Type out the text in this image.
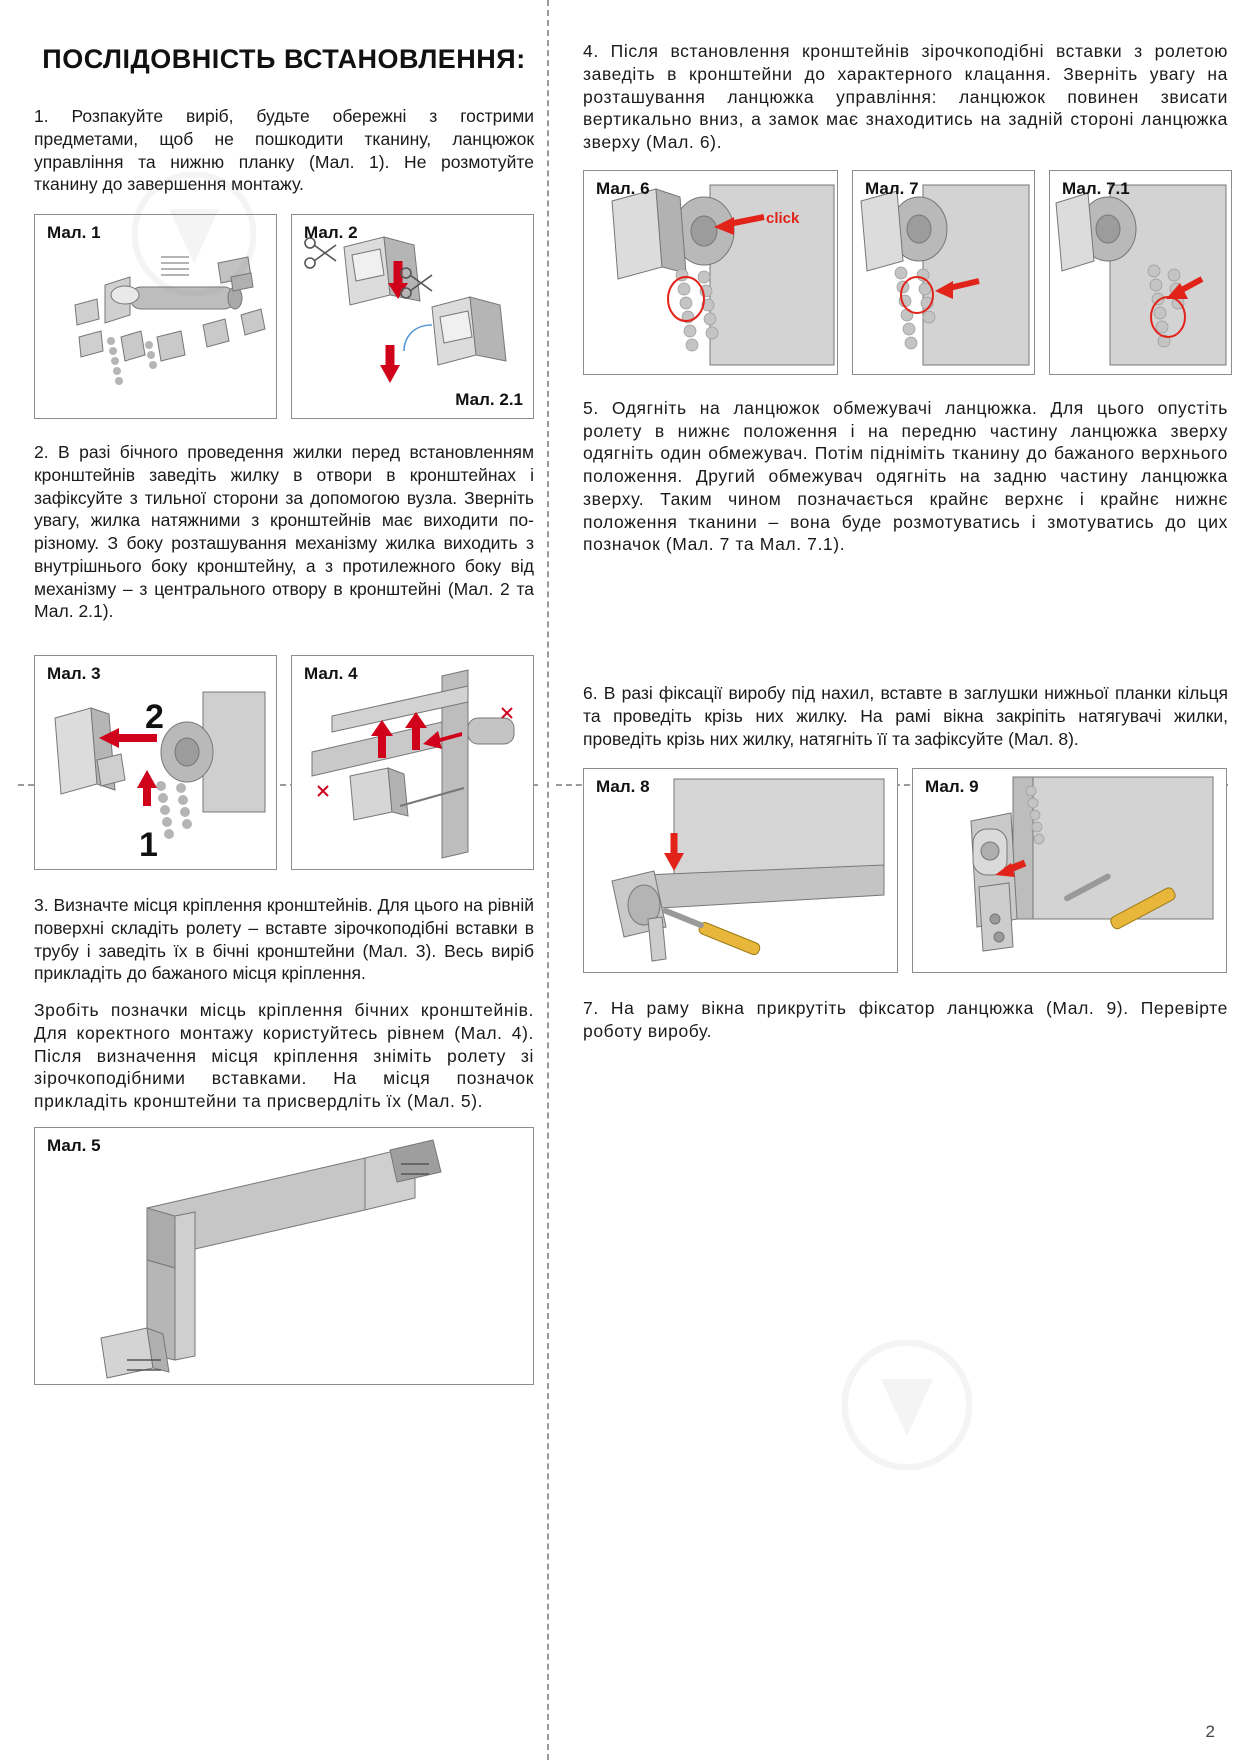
ПОСЛІДОВНІСТЬ ВСТАНОВЛЕННЯ:

1. Розпакуйте виріб, будьте обережні з гострими предметами, щоб не пошкодити тканину, ланцюжок управління та нижню планку (Мал. 1). Не розмотуйте тканину до завершення монтажу.

Мал. 1	Мал. 2
Мал. 2.1

2. В разі бічного проведення жилки перед встановленням кронштейнів заведіть жилку в отвори в кронштейнах і зафіксуйте з тильної сторони за допомогою вузла. Зверніть увагу, жилка натяжними з кронштейнів має виходити по-різному. З боку розташування механізму жилка виходить з внутрішнього боку кронштейну, а з протилежного боку від механізму – з центрального отвору в кронштейні (Мал. 2 та Мал. 2.1).

Мал. 3
2
1
Мал. 4

3. Визначте місця кріплення кронштейнів. Для цього на рівній поверхні складіть ролету – вставте зірочкоподібні вставки в трубу і заведіть їх в бічні кронштейни (Мал. 3). Весь виріб прикладіть до бажаного місця кріплення.

Зробіть позначки місць кріплення бічних кронштейнів. Для коректного монтажу користуйтесь рівнем (Мал. 4). Після визначення місця кріплення зніміть ролету зі зірочкоподібними вставками. На місця позначок прикладіть кронштейни та присвердліть їх (Мал. 5).

Мал. 5

4. Після встановлення кронштейнів зірочкоподібні вставки з ролетою заведіть в кронштейни до характерного клацання. Зверніть увагу на розташування ланцюжка управління: ланцюжок повинен звисати вертикально вниз, а замок має знаходитись на задній стороні ланцюжка зверху (Мал. 6).

Мал. 6
click
Мал. 7	Мал. 7.1

5. Одягніть на ланцюжок обмежувачі ланцюжка. Для цього опустіть ролету в нижнє положення і на передню частину ланцюжка зверху одягніть один обмежувач. Потім підніміть тканину до бажаного верхнього положення. Другий обмежувач одягніть на задню частину ланцюжка зверху. Таким чином позначається крайнє верхнє і крайнє нижнє положення тканини – вона буде розмотуватись і змотуватись до цих позначок (Мал. 7 та Мал. 7.1).

6. В разі фіксації виробу під нахил, вставте в заглушки нижньої планки кільця та проведіть крізь них жилку. На рамі вікна закріпіть натягувачі жилки, проведіть крізь них жилку, натягніть її та зафіксуйте (Мал. 8).

Мал. 8	Мал. 9

7. На раму вікна прикрутіть фіксатор ланцюжка (Мал. 9). Перевірте роботу виробу.

2
